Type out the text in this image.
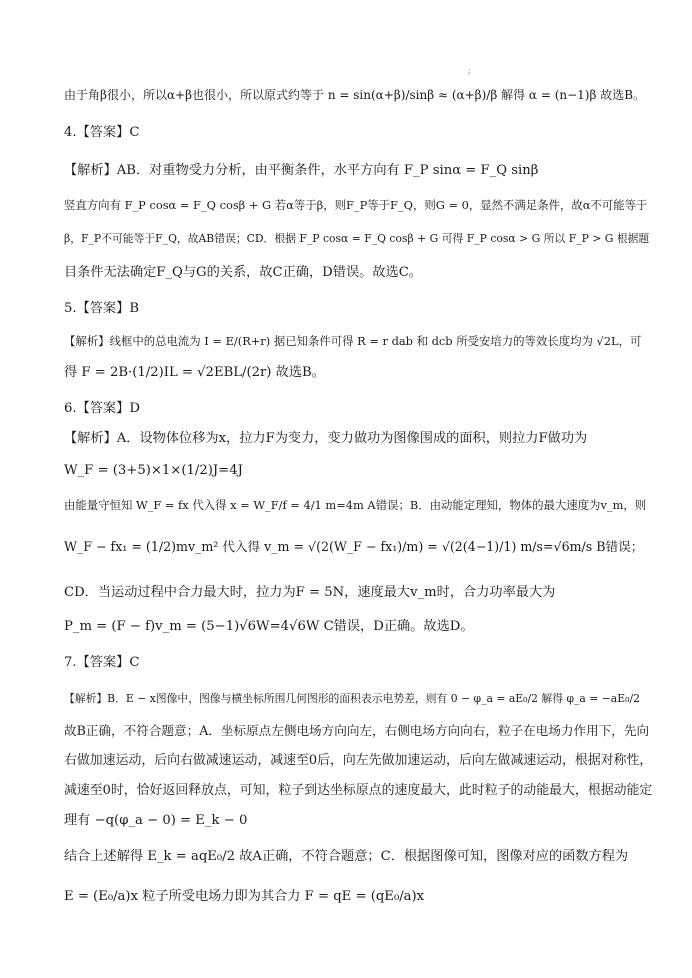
;
由于角β很小，所以α+β也很小，所以原式约等于 n = sin(α+β)/sinβ ≈ (α+β)/β 解得 α = (n−1)β 故选B。
4.【答案】C
【解析】AB．对重物受力分析，由平衡条件，水平方向有 F_P sinα = F_Q sinβ
竖直方向有 F_P cosα = F_Q cosβ + G 若α等于β，则F_P等于F_Q，则G = 0，显然不满足条件，故α不可能等于
β，F_P不可能等于F_Q，故AB错误；CD．根据 F_P cosα = F_Q cosβ + G 可得 F_P cosα > G 所以 F_P > G 根据题
目条件无法确定F_Q与G的关系，故C正确，D错误。故选C。
5.【答案】B
【解析】线框中的总电流为 I = E/(R+r) 据已知条件可得 R = r dab 和 dcb 所受安培力的等效长度均为 √2L，可
得 F = 2B·(1/2)IL = √2EBL/(2r) 故选B。
6.【答案】D
【解析】A．设物体位移为x，拉力F为变力，变力做功为图像围成的面积，则拉力F做功为
W_F = (3+5)×1×(1/2)J=4J
由能量守恒知 W_F = fx 代入得 x = W_F/f = 4/1 m=4m A错误；B．由动能定理知，物体的最大速度为v_m，则
W_F − fx₁ = (1/2)mv_m² 代入得 v_m = √(2(W_F − fx₁)/m) = √(2(4−1)/1) m/s=√6m/s B错误；
CD．当运动过程中合力最大时，拉力为F = 5N，速度最大v_m时，合力功率最大为
P_m = (F − f)v_m = (5−1)√6W=4√6W C错误，D正确。故选D。
7.【答案】C
【解析】B．E − x图像中，图像与横坐标所围几何图形的面积表示电势差，则有 0 − φ_a = aE₀/2 解得 φ_a = −aE₀/2
故B正确，不符合题意；A．坐标原点左侧电场方向向左，右侧电场方向向右，粒子在电场力作用下，先向
右做加速运动，后向右做减速运动，减速至0后，向左先做加速运动，后向左做减速运动，根据对称性，
减速至0时，恰好返回释放点，可知，粒子到达坐标原点的速度最大，此时粒子的动能最大，根据动能定
理有 −q(φ_a − 0) = E_k − 0
结合上述解得 E_k = aqE₀/2 故A正确，不符合题意；C．根据图像可知，图像对应的函数方程为
E = (E₀/a)x 粒子所受电场力即为其合力 F = qE = (qE₀/a)x
